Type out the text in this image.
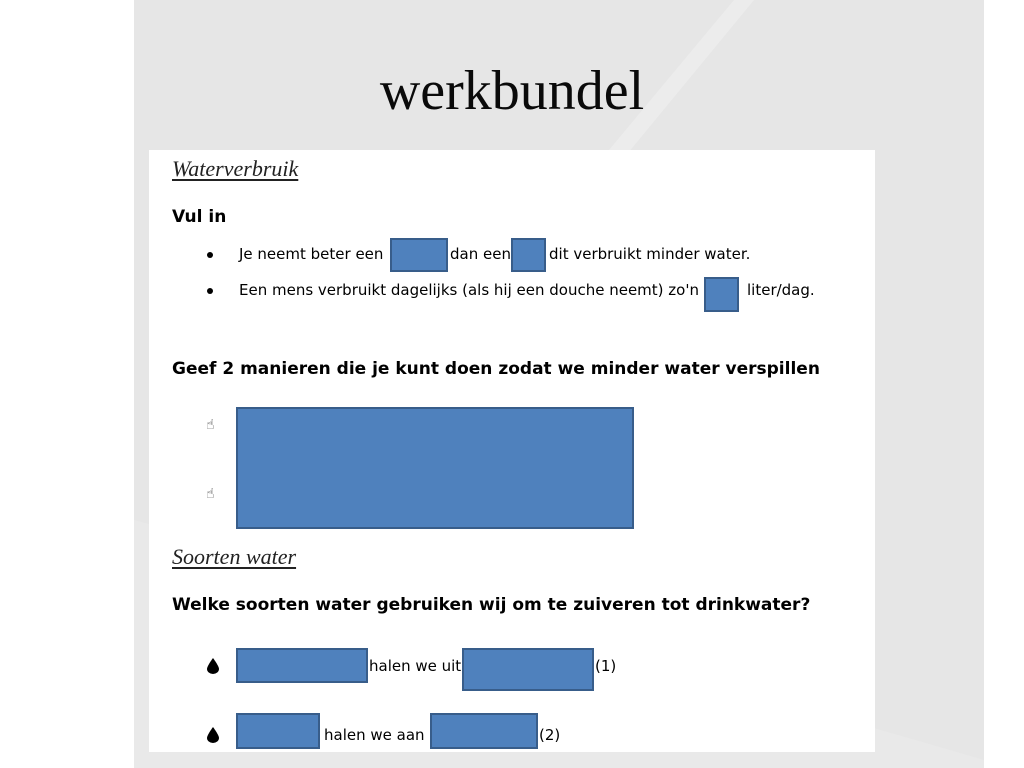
werkbundel
Waterverbruik
Vul in
Je neemt beter een	dan een	dit verbruikt minder water.
Een mens verbruikt dagelijks (als hij een douche neemt) zo'n	liter/dag.
Geef 2 manieren die je kunt doen zodat we minder water verspillen
☝
☝
Soorten water
Welke soorten water gebruiken wij om te zuiveren tot drinkwater?
halen we uit	(1)
halen we aan	(2)
